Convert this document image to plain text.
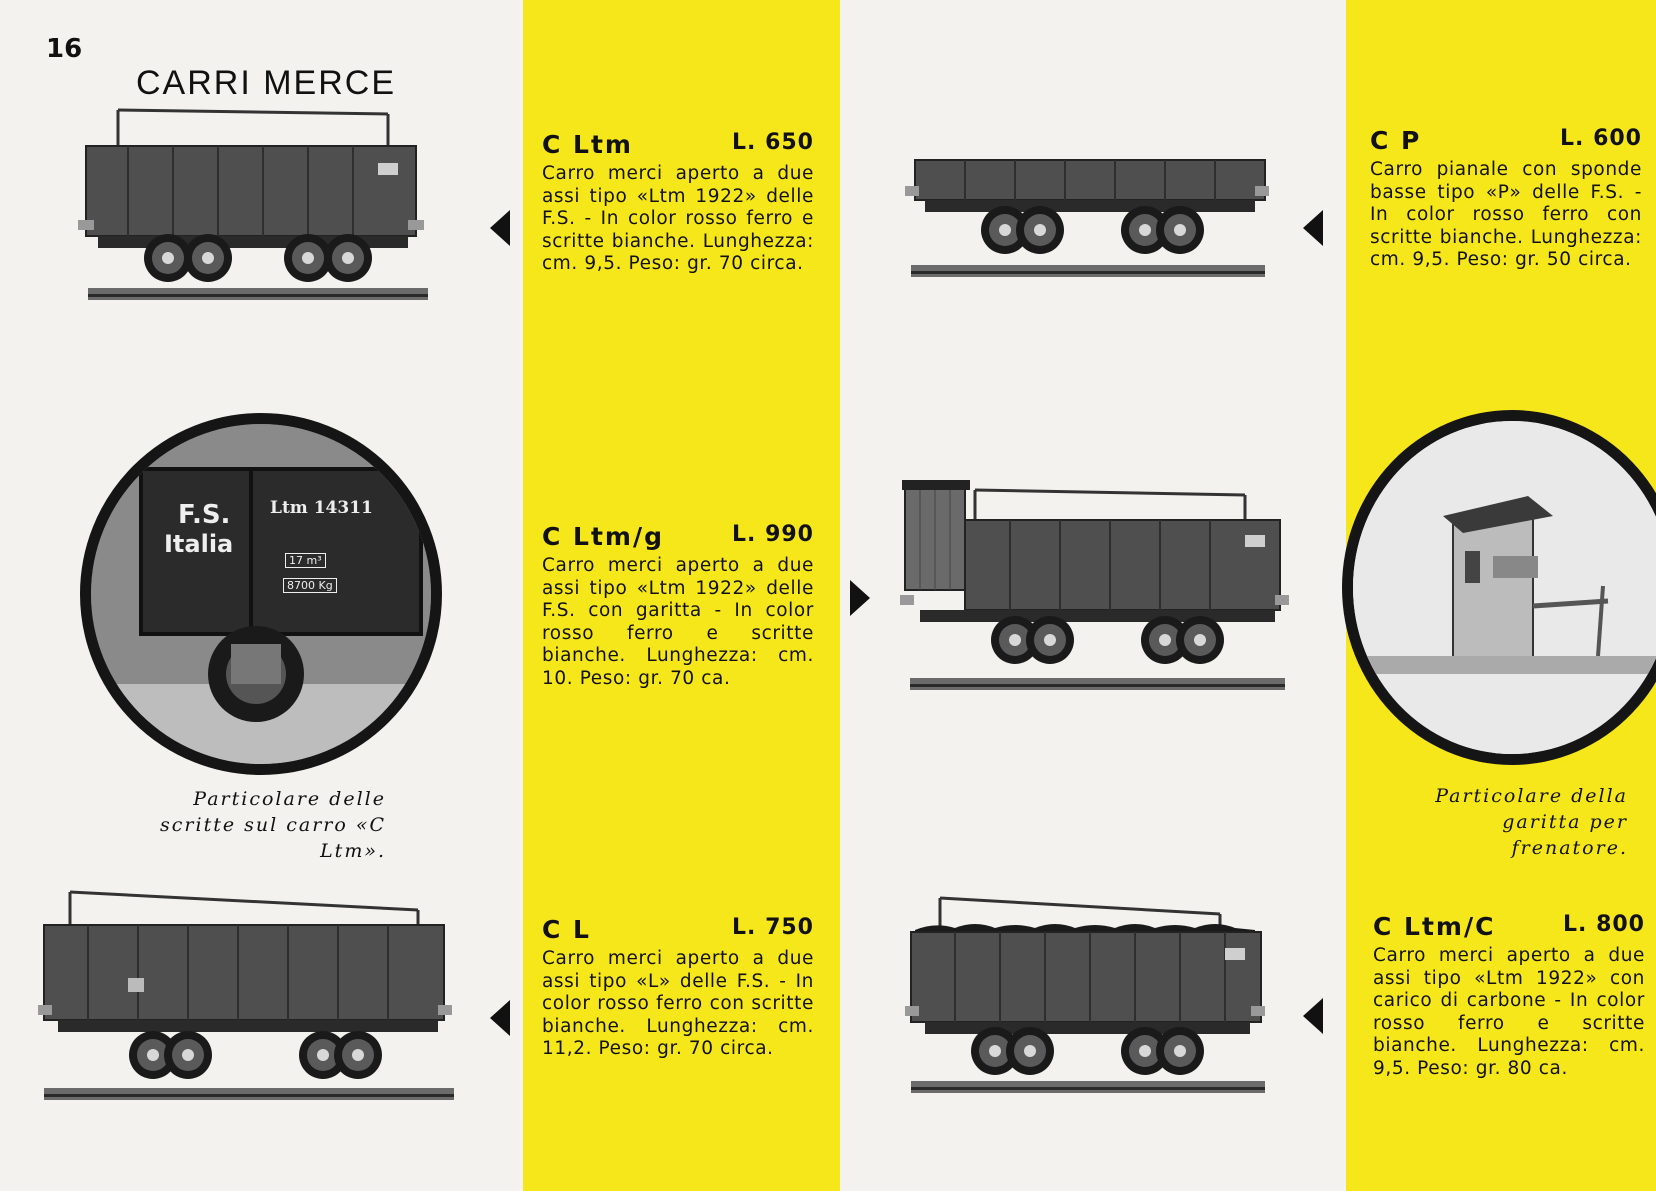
16
CARRI MERCE
C Ltm	L. 650
Carro merci aperto a due assi tipo «Ltm 1922» delle F.S. - In color rosso ferro e scritte bianche. Lunghezza: cm. 9,5. Peso: gr. 70 circa.
F.S.
Italia
Ltm 14311
17 m³
8700 Kg
Particolare delle scritte sul carro «C Ltm».
C Ltm/g	L. 990
Carro merci aperto a due assi tipo «Ltm 1922» delle F.S. con garitta - In color rosso ferro e scritte bianche. Lunghezza: cm. 10. Peso: gr. 70 ca.
C L	L. 750
Carro merci aperto a due assi tipo «L» delle F.S. - In color rosso ferro con scritte bianche. Lunghezza: cm. 11,2. Peso: gr. 70 circa.
C P	L. 600
Carro pianale con sponde basse tipo «P» delle F.S. - In color rosso ferro con scritte bianche. Lunghezza: cm. 9,5. Peso: gr. 50 circa.
Particolare della garitta per frenatore.
C Ltm/C	L. 800
Carro merci aperto a due assi tipo «Ltm 1922» con carico di carbone - In color rosso ferro e scritte bianche. Lunghezza: cm. 9,5. Peso: gr. 80 ca.
